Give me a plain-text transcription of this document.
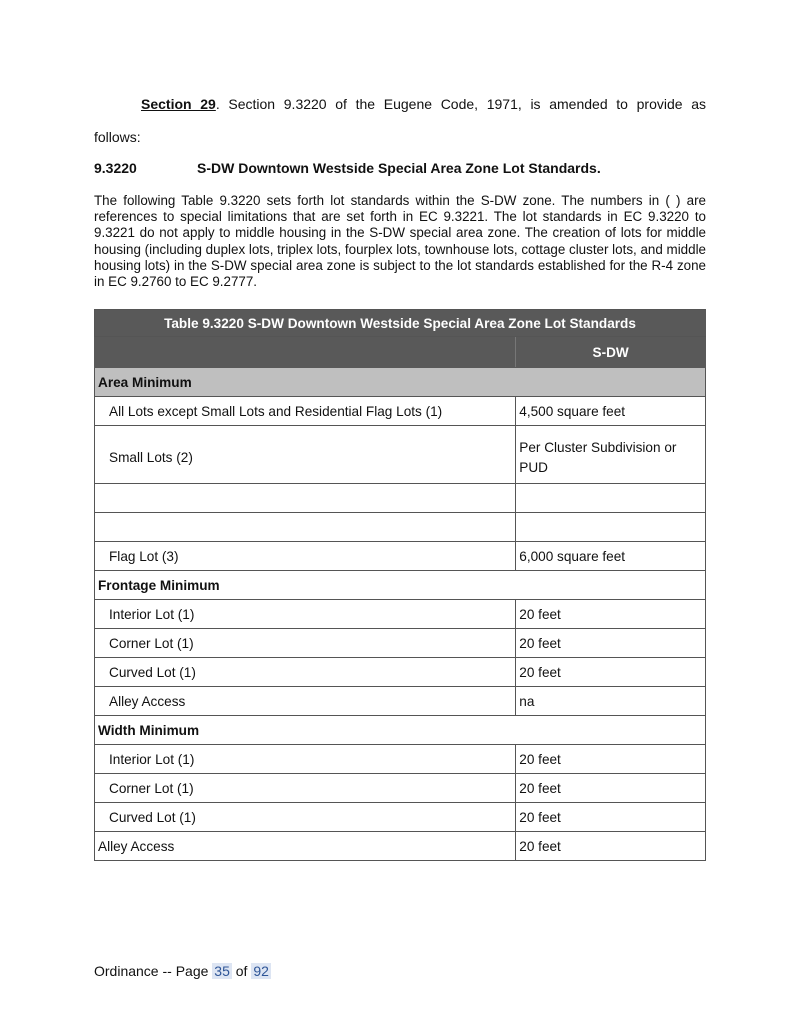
Section 29. Section 9.3220 of the Eugene Code, 1971, is amended to provide as
follows:
9.3220	S-DW Downtown Westside Special Area Zone Lot Standards.
The following Table 9.3220 sets forth lot standards within the S-DW zone. The numbers in ( ) are references to special limitations that are set forth in EC 9.3221. The lot standards in EC 9.3220 to 9.3221 do not apply to middle housing in the S-DW special area zone. The creation of lots for middle housing (including duplex lots, triplex lots, fourplex lots, townhouse lots, cottage cluster lots, and middle housing lots) in the S-DW special area zone is subject to the lot standards established for the R-4 zone in EC 9.2760 to EC 9.2777.
Table 9.3220 S-DW Downtown Westside Special Area Zone Lot Standards	
	S-DW
Area Minimum	
All Lots except Small Lots and Residential Flag Lots (1)	4,500 square feet
Small Lots (2)	Per Cluster Subdivision or PUD

Flag Lot (3)	6,000 square feet
Frontage Minimum	
Interior Lot (1)	20 feet
Corner Lot (1)	20 feet
Curved Lot (1)	20 feet
Alley Access	na
Width Minimum	
Interior Lot (1)	20 feet
Corner Lot (1)	20 feet
Curved Lot (1)	20 feet
Alley Access	20 feet
Ordinance -- Page 35 of 92
